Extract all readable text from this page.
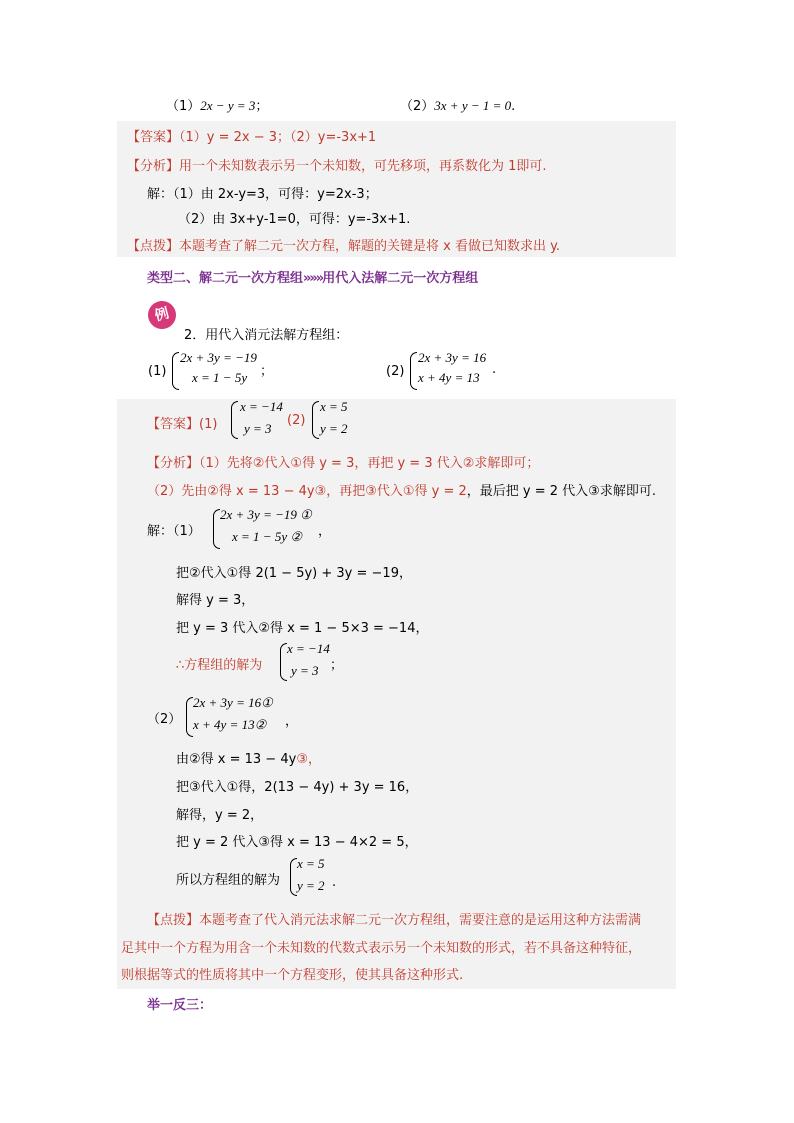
（1）2x − y = 3；	（2）3x + y − 1 = 0.
【答案】（1）y = 2x − 3；（2）y=-3x+1
【分析】用一个未知数表示另一个未知数，可先移项，再系数化为 1即可.
解：（1）由 2x-y=3，可得：y=2x-3；
（2）由 3x+y-1=0，可得：y=-3x+1.
【点拨】本题考查了解二元一次方程，解题的关键是将 x 看做已知数求出 y.
类型二、解二元一次方程组»»»用代入法解二元一次方程组
例
2．用代入消元法解方程组：
(1)
2x + 3y = −19
x = 1 − 5y ；	(2)
2x + 3y = 16
x + 4y = 13
.
【答案】(1)
x = −14
y = 3
(2)
x = 5
y = 2
【分析】（1）先将②代入①得 y = 3，再把 y = 3 代入②求解即可；
（2）先由②得 x = 13 − 4y③，再把③代入①得 y = 2，最后把 y = 2 代入③求解即可.
解：（1）
2x + 3y = −19 ①
x = 1 − 5y ② ，
把②代入①得 2(1 − 5y) + 3y = −19，
解得 y = 3，
把 y = 3 代入②得 x = 1 − 5×3 = −14，
∴方程组的解为
x = −14
y = 3 ；
（2）
2x + 3y = 16①
x + 4y = 13② ，
由②得 x = 13 − 4y③，
把③代入①得，2(13 − 4y) + 3y = 16，
解得，y = 2，
把 y = 2 代入③得 x = 13 − 4×2 = 5，
所以方程组的解为
x = 5
y = 2 .
【点拨】本题考查了代入消元法求解二元一次方程组，需要注意的是运用这种方法需满
足其中一个方程为用含一个未知数的代数式表示另一个未知数的形式，若不具备这种特征，
则根据等式的性质将其中一个方程变形，使其具备这种形式.
举一反三：
